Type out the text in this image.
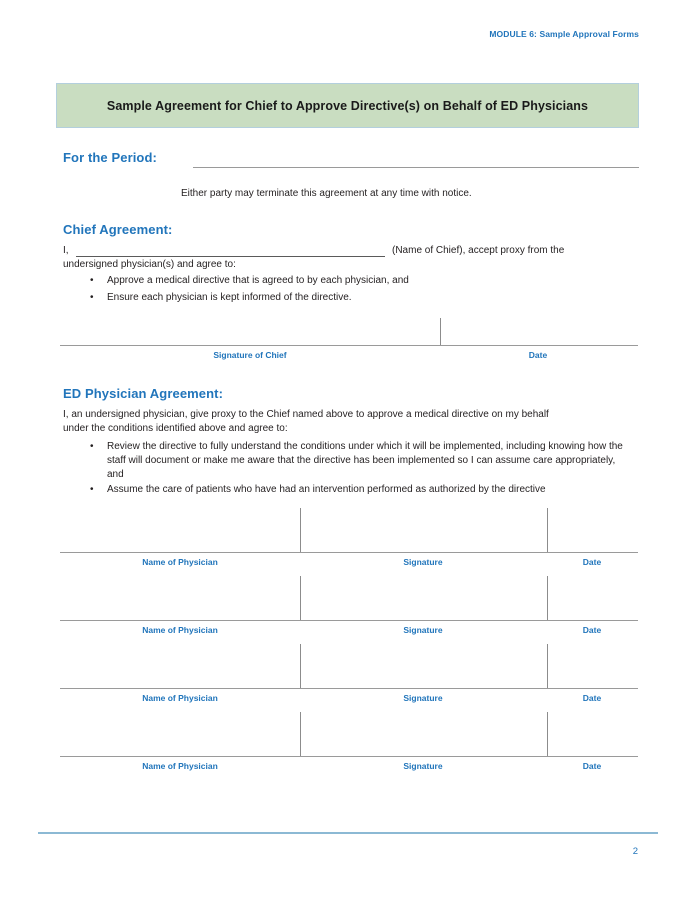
MODULE 6: Sample Approval Forms
Sample Agreement for Chief to Approve Directive(s) on Behalf of ED Physicians
For the Period:
Either party may terminate this agreement at any time with notice.
Chief Agreement:
I,	(Name of Chief), accept proxy from the
undersigned physician(s) and agree to:
•	Approve a medical directive that is agreed to by each physician, and
•	Ensure each physician is kept informed of the directive.
Signature of Chief	Date
ED Physician Agreement:
I, an undersigned physician, give proxy to the Chief named above to approve a medical directive on my behalf
under the conditions identified above and agree to:
•	Review the directive to fully understand the conditions under which it will be implemented, including knowing how the staff will document or make me aware that the directive has been implemented so I can assume care appropriately, and
•	Assume the care of patients who have had an intervention performed as authorized by the directive
Name of Physician	Signature	Date
Name of Physician	Signature	Date
Name of Physician	Signature	Date
Name of Physician	Signature	Date
2
